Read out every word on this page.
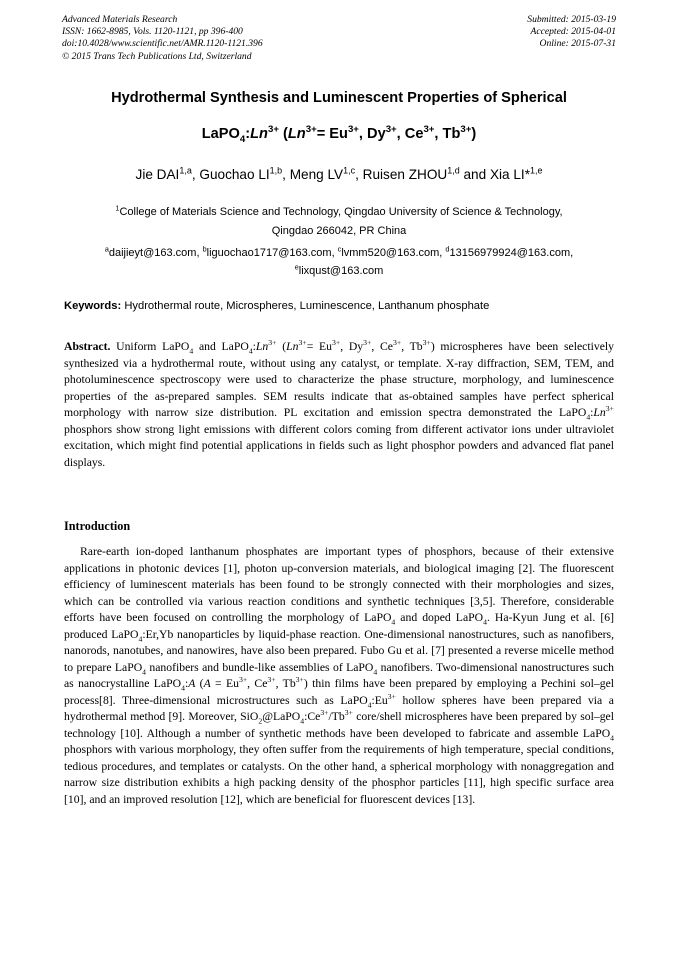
Advanced Materials Research
ISSN: 1662-8985, Vols. 1120-1121, pp 396-400
doi:10.4028/www.scientific.net/AMR.1120-1121.396
© 2015 Trans Tech Publications Ltd, Switzerland
Submitted: 2015-03-19
Accepted: 2015-04-01
Online: 2015-07-31
Hydrothermal Synthesis and Luminescent Properties of Spherical
$LaPO_4:Ln^{3+}$ ($Ln^{3+}= Eu^{3+}$, $Dy^{3+}$, $Ce^{3+}$, $Tb^{3+}$)
Jie DAI$^{1,a}$, Guochao LI$^{1,b}$, Meng LV$^{1,c}$, Ruisen ZHOU$^{1,d}$ and Xia LI*$^{1,e}$
$^1$College of Materials Science and Technology, Qingdao University of Science & Technology,
Qingdao 266042, PR China
$^a$daijieyt@163.com, $^b$liguochao1717@163.com, $^c$lvmm520@163.com, $^d$13156979924@163.com,
$^e$lixqust@163.com
Keywords: Hydrothermal route, Microspheres, Luminescence, Lanthanum phosphate
Abstract. Uniform LaPO$_4$ and $LaPO_4:Ln^{3+}$ ($Ln^{3+}= Eu^{3+}$, $Dy^{3+}$, $Ce^{3+}$, $Tb^{3+}$) microspheres have been selectively synthesized via a hydrothermal route, without using any catalyst, or template. X-ray diffraction, SEM, TEM, and photoluminescence spectroscopy were used to characterize the phase structure, morphology, and luminescence properties of the as-prepared samples. SEM results indicate that as-obtained samples have perfect spherical morphology with narrow size distribution. PL excitation and emission spectra demonstrated the $LaPO_4:Ln^{3+}$ phosphors show strong light emissions with different colors coming from different activator ions under ultraviolet excitation, which might find potential applications in fields such as light phosphor powders and advanced flat panel displays.
Introduction
Rare-earth ion-doped lanthanum phosphates are important types of phosphors, because of their extensive applications in photonic devices [1], photon up-conversion materials, and biological imaging [2]. The fluorescent efficiency of luminescent materials has been found to be strongly connected with their morphologies and sizes, which can be controlled via various reaction conditions and synthetic techniques [3,5]. Therefore, considerable efforts have been focused on controlling the morphology of LaPO$_4$ and doped LaPO$_4$. Ha-Kyun Jung et al. [6] produced LaPO$_4$:Er,Yb nanoparticles by liquid-phase reaction. One-dimensional nanostructures, such as nanofibers, nanorods, nanotubes, and nanowires, have also been prepared. Fubo Gu et al. [7] presented a reverse micelle method to prepare LaPO$_4$ nanofibers and bundle-like assemblies of LaPO$_4$ nanofibers. Two-dimensional nanostructures such as nanocrystalline LaPO$_4$:A ($A = Eu^{3+}$, $Ce^{3+}$, $Tb^{3+}$) thin films have been prepared by employing a Pechini sol–gel process[8]. Three-dimensional microstructures such as $LaPO_4:Eu^{3+}$ hollow spheres have been prepared via a hydrothermal method [9]. Moreover, $SiO_2@LaPO_4:Ce^{3+}/Tb^{3+}$ core/shell microspheres have been prepared by sol–gel technology [10]. Although a number of synthetic methods have been developed to fabricate and assemble LaPO$_4$ phosphors with various morphology, they often suffer from the requirements of high temperature, special conditions, tedious procedures, and templates or catalysts. On the other hand, a spherical morphology with nonaggregation and narrow size distribution exhibits a high packing density of the phosphor particles [11], high specific surface area [10], and an improved resolution [12], which are beneficial for fluorescent devices [13].
